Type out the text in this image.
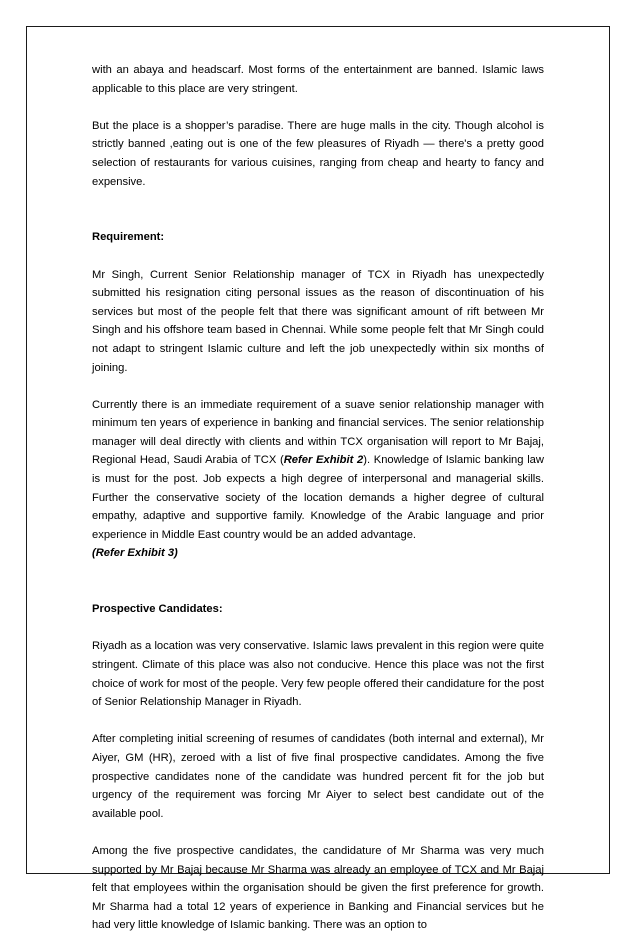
with an abaya and headscarf. Most forms of the entertainment are banned. Islamic laws applicable to this place are very stringent.

But the place is a shopper’s paradise. There are huge malls in the city. Though alcohol is strictly banned ,eating out is one of the few pleasures of Riyadh — there's a pretty good selection of restaurants for various cuisines, ranging from cheap and hearty to fancy and expensive.

Requirement:

Mr Singh, Current Senior Relationship manager of TCX in Riyadh has unexpectedly submitted his resignation citing personal issues as the reason of discontinuation of his services but most of the people felt that there was significant amount of rift between Mr Singh and his offshore team based in Chennai. While some people felt that Mr Singh could not adapt to stringent Islamic culture and left the job unexpectedly within six months of joining.

Currently there is an immediate requirement of a suave senior relationship manager with minimum ten years of experience in banking and financial services. The senior relationship manager will deal directly with clients and within TCX organisation will report to Mr Bajaj, Regional Head, Saudi Arabia of TCX (Refer Exhibit 2). Knowledge of Islamic banking law is must for the post. Job expects a high degree of interpersonal and managerial skills. Further the conservative society of the location demands a higher degree of cultural empathy, adaptive and supportive family. Knowledge of the Arabic language and prior experience in Middle East country would be an added advantage.

(Refer Exhibit 3)

Prospective Candidates:

Riyadh as a location was very conservative. Islamic laws prevalent in this region were quite stringent. Climate of this place was also not conducive. Hence this place was not the first choice of work for most of the people. Very few people offered their candidature for the post of Senior Relationship Manager in Riyadh.

After completing initial screening of resumes of candidates (both internal and external), Mr Aiyer, GM (HR), zeroed with a list of five final prospective candidates. Among the five prospective candidates none of the candidate was hundred percent fit for the job but urgency of the requirement was forcing Mr Aiyer to select best candidate out of the available pool.

Among the five prospective candidates, the candidature of Mr Sharma was very much supported by Mr Bajaj because Mr Sharma was already an employee of TCX and Mr Bajaj felt that employees within the organisation should be given the first preference for growth. Mr Sharma had a total 12 years of experience in Banking and Financial services but he had very little knowledge of Islamic banking. There was an option to
